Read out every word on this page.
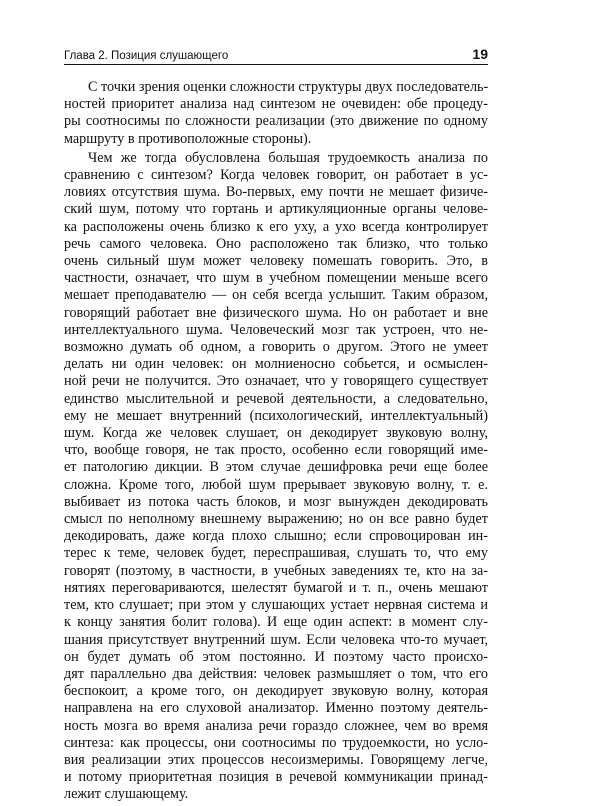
Глава 2. Позиция слушающего	19

С точки зрения оценки сложности структуры двух последователь-
ностей приоритет анализа над синтезом не очевиден: обе процеду-
ры соотносимы по сложности реализации (это движение по одному
маршруту в противоположные стороны).

Чем же тогда обусловлена большая трудоемкость анализа по
сравнению с синтезом? Когда человек говорит, он работает в ус-
ловиях отсутствия шума. Во-первых, ему почти не мешает физиче-
ский шум, потому что гортань и артикуляционные органы челове-
ка расположены очень близко к его уху, а ухо всегда контролирует
речь самого человека. Оно расположено так близко, что только
очень сильный шум может человеку помешать говорить. Это, в
частности, означает, что шум в учебном помещении меньше всего
мешает преподавателю — он себя всегда услышит. Таким образом,
говорящий работает вне физического шума. Но он работает и вне
интеллектуального шума. Человеческий мозг так устроен, что не-
возможно думать об одном, а говорить о другом. Этого не умеет
делать ни один человек: он молниеносно собьется, и осмыслен-
ной речи не получится. Это означает, что у говорящего существует
единство мыслительной и речевой деятельности, а следовательно,
ему не мешает внутренний (психологический, интеллектуальный)
шум. Когда же человек слушает, он декодирует звуковую волну,
что, вообще говоря, не так просто, особенно если говорящий име-
ет патологию дикции. В этом случае дешифровка речи еще более
сложна. Кроме того, любой шум прерывает звуковую волну, т. е.
выбивает из потока часть блоков, и мозг вынужден декодировать
смысл по неполному внешнему выражению; но он все равно будет
декодировать, даже когда плохо слышно; если спровоцирован ин-
терес к теме, человек будет, переспрашивая, слушать то, что ему
говорят (поэтому, в частности, в учебных заведениях те, кто на за-
нятиях переговариваются, шелестят бумагой и т. п., очень мешают
тем, кто слушает; при этом у слушающих устает нервная система и
к концу занятия болит голова). И еще один аспект: в момент слу-
шания присутствует внутренний шум. Если человека что-то мучает,
он будет думать об этом постоянно. И поэтому часто происхо-
дят параллельно два действия: человек размышляет о том, что его
беспокоит, а кроме того, он декодирует звуковую волну, которая
направлена на его слуховой анализатор. Именно поэтому деятель-
ность мозга во время анализа речи гораздо сложнее, чем во время
синтеза: как процессы, они соотносимы по трудоемкости, но усло-
вия реализации этих процессов несоизмеримы. Говорящему легче,
и потому приоритетная позиция в речевой коммуникации принад-
лежит слушающему.
